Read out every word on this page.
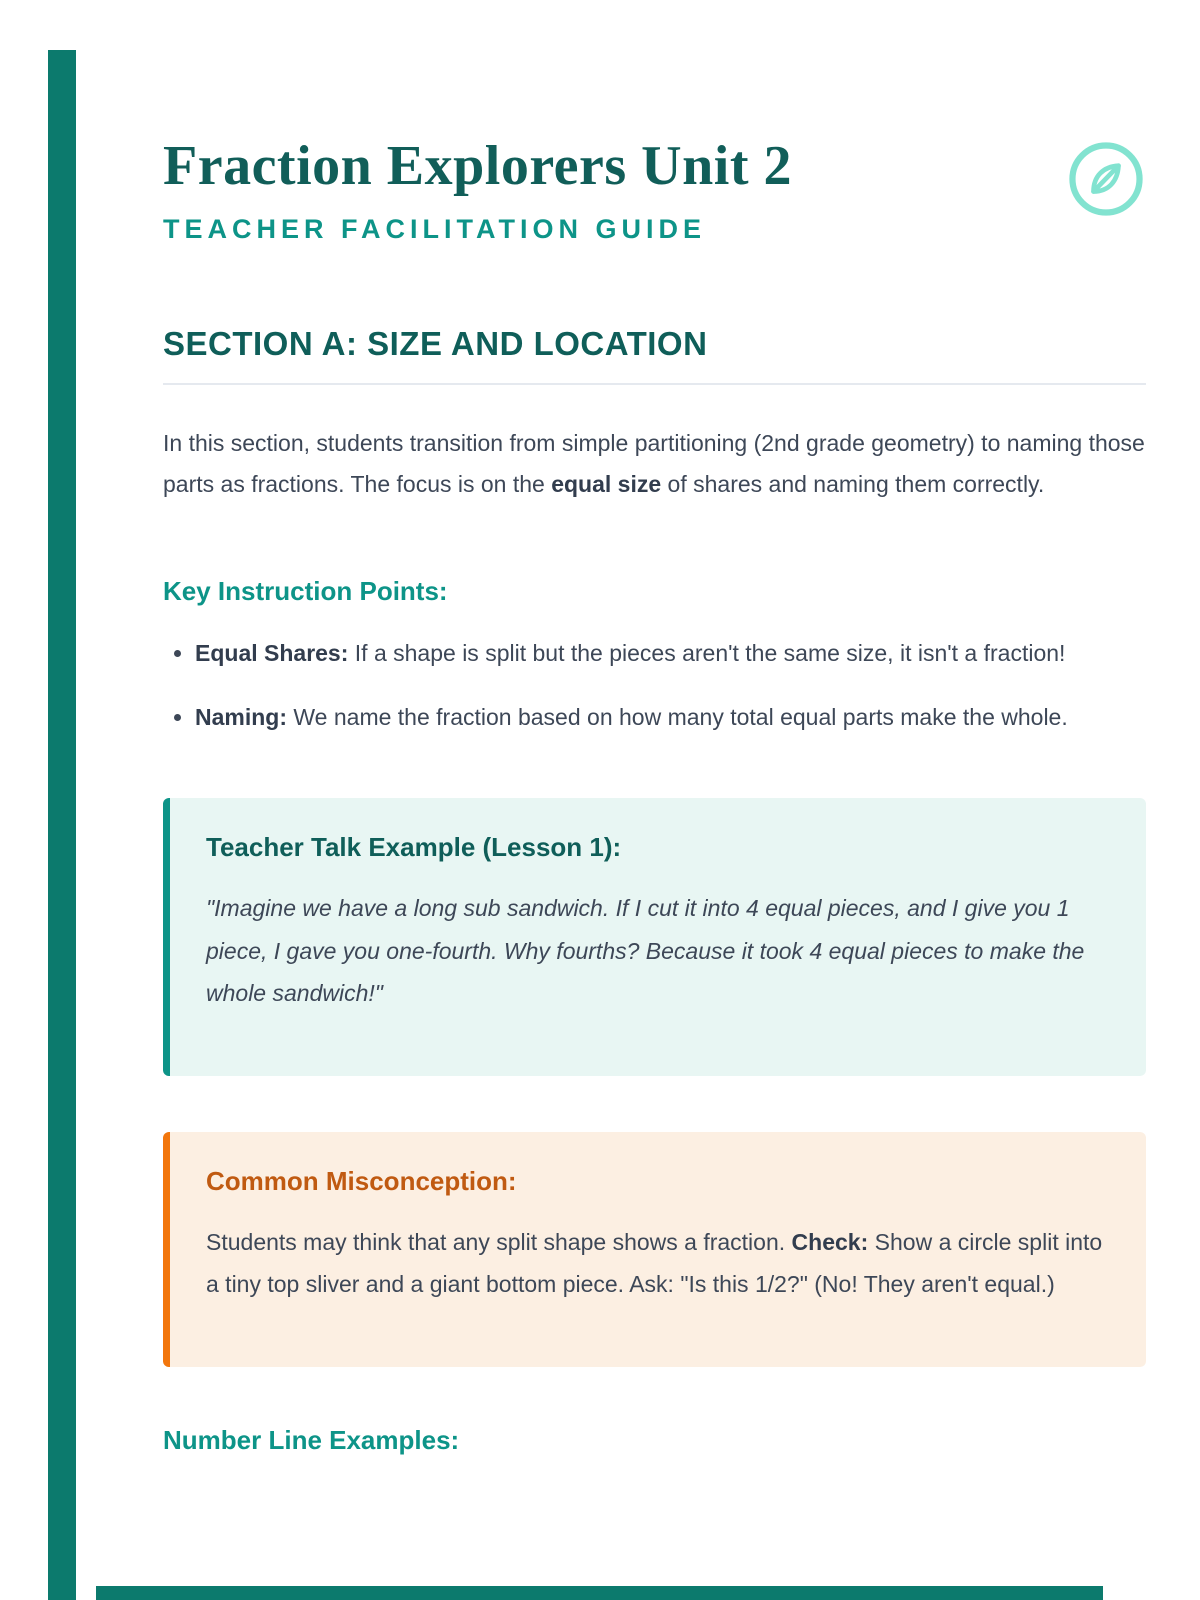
Fraction Explorers Unit 2
TEACHER FACILITATION GUIDE
SECTION A: SIZE AND LOCATION

In this section, students transition from simple partitioning (2nd grade geometry) to naming those parts as fractions. The focus is on the equal size of shares and naming them correctly.

Key Instruction Points:
• Equal Shares: If a shape is split but the pieces aren't the same size, it isn't a fraction!
• Naming: We name the fraction based on how many total equal parts make the whole.

Teacher Talk Example (Lesson 1):

"Imagine we have a long sub sandwich. If I cut it into 4 equal pieces, and I give you 1 piece, I gave you one-fourth. Why fourths? Because it took 4 equal pieces to make the whole sandwich!"

Common Misconception:

Students may think that any split shape shows a fraction. Check: Show a circle split into a tiny top sliver and a giant bottom piece. Ask: "Is this 1/2?" (No! They aren't equal.)

Number Line Examples:
